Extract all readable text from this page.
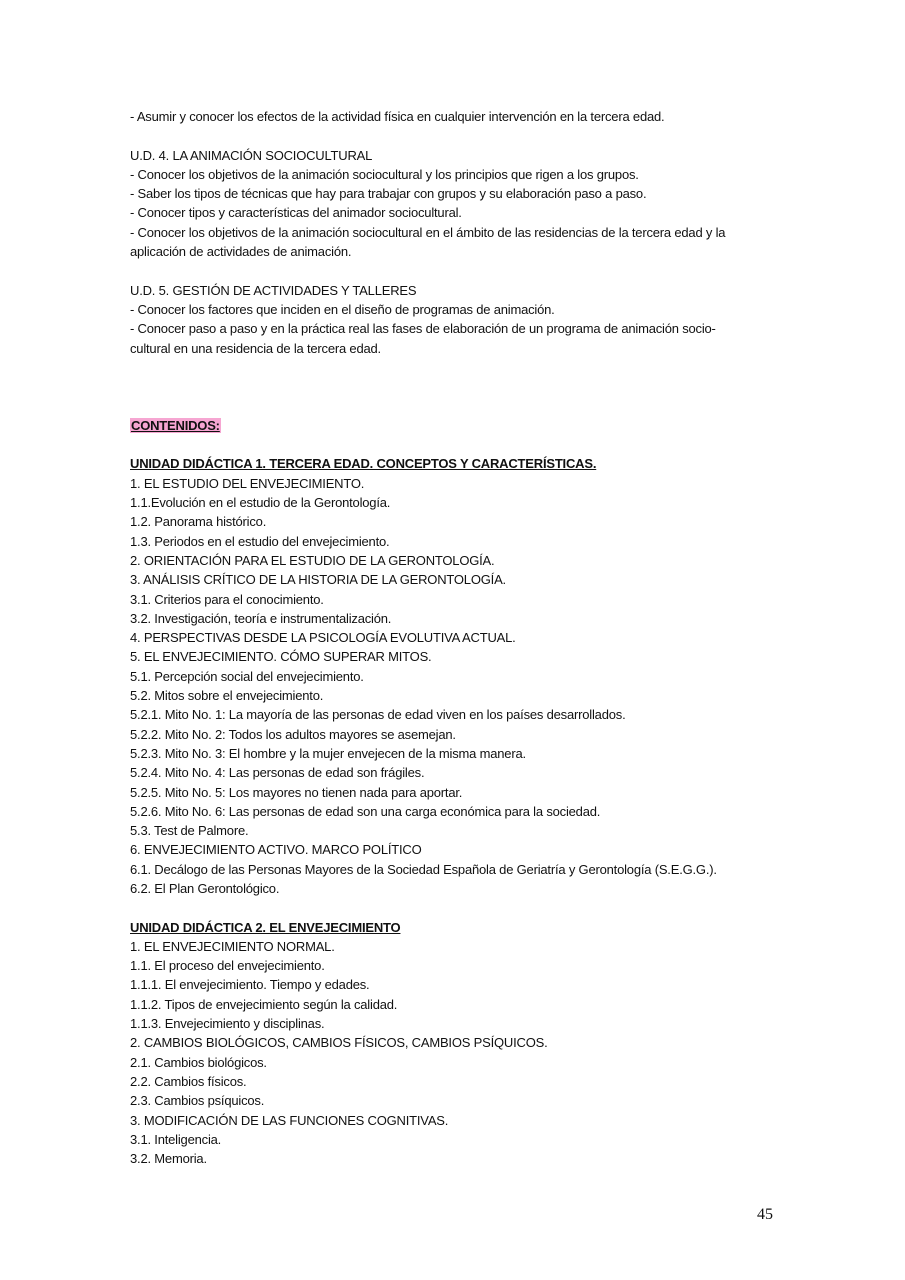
- Asumir y conocer los efectos de la actividad física en cualquier intervención en la tercera edad.
U.D. 4. LA ANIMACIÓN SOCIOCULTURAL
- Conocer los objetivos de la animación sociocultural y los principios que rigen a los grupos.
- Saber los tipos de técnicas que hay para trabajar con grupos y su elaboración paso a paso.
- Conocer tipos y características del animador sociocultural.
- Conocer los objetivos de la animación sociocultural en el ámbito de las residencias de la tercera edad y la aplicación de actividades de animación.
U.D. 5. GESTIÓN DE ACTIVIDADES Y TALLERES
- Conocer los factores que inciden en el diseño de programas de animación.
- Conocer paso a paso y en la práctica real las fases de elaboración de un programa de animación socio-cultural en una residencia de la tercera edad.
CONTENIDOS:
UNIDAD DIDÁCTICA 1. TERCERA EDAD. CONCEPTOS Y CARACTERÍSTICAS.
1. EL ESTUDIO DEL ENVEJECIMIENTO.
1.1.Evolución en el estudio de la Gerontología.
1.2. Panorama histórico.
1.3. Periodos en el estudio del envejecimiento.
2. ORIENTACIÓN PARA EL ESTUDIO DE LA GERONTOLOGÍA.
3. ANÁLISIS CRÍTICO DE LA HISTORIA DE LA GERONTOLOGÍA.
3.1. Criterios para el conocimiento.
3.2. Investigación, teoría e instrumentalización.
4. PERSPECTIVAS DESDE LA PSICOLOGÍA EVOLUTIVA ACTUAL.
5. EL ENVEJECIMIENTO. CÓMO SUPERAR MITOS.
5.1. Percepción social del envejecimiento.
5.2. Mitos sobre el envejecimiento.
5.2.1. Mito No. 1: La mayoría de las personas de edad viven en los países desarrollados.
5.2.2. Mito No. 2: Todos los adultos mayores se asemejan.
5.2.3. Mito No. 3: El hombre y la mujer envejecen de la misma manera.
5.2.4. Mito No. 4: Las personas de edad son frágiles.
5.2.5. Mito No. 5: Los mayores no tienen nada para aportar.
5.2.6. Mito No. 6: Las personas de edad son una carga económica para la sociedad.
5.3. Test de Palmore.
6. ENVEJECIMIENTO ACTIVO. MARCO POLÍTICO
6.1. Decálogo de las Personas Mayores de la Sociedad Española de Geriatría y Gerontología (S.E.G.G.).
6.2. El Plan Gerontológico.
UNIDAD DIDÁCTICA 2. EL ENVEJECIMIENTO
1. EL ENVEJECIMIENTO NORMAL.
1.1. El proceso del envejecimiento.
1.1.1. El envejecimiento. Tiempo y edades.
1.1.2. Tipos de envejecimiento según la calidad.
1.1.3. Envejecimiento y disciplinas.
2. CAMBIOS BIOLÓGICOS, CAMBIOS FÍSICOS, CAMBIOS PSÍQUICOS.
2.1. Cambios biológicos.
2.2. Cambios físicos.
2.3. Cambios psíquicos.
3. MODIFICACIÓN DE LAS FUNCIONES COGNITIVAS.
3.1. Inteligencia.
3.2. Memoria.
45
